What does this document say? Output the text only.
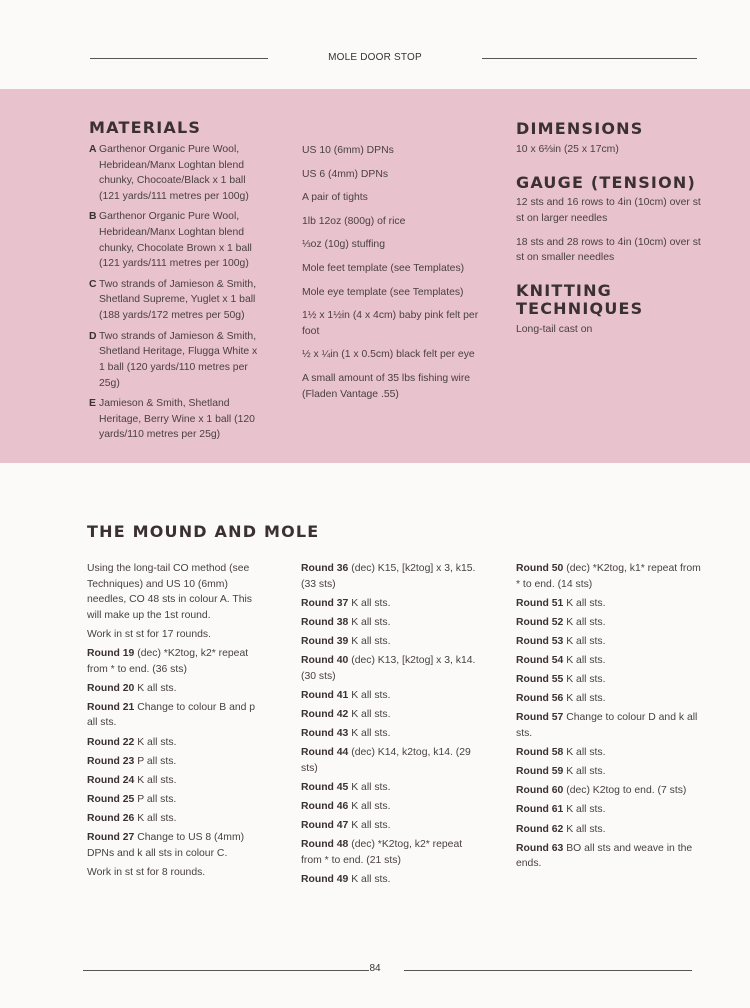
MOLE DOOR STOP
MATERIALS
A Garthenor Organic Pure Wool, Hebridean/Manx Loghtan blend chunky, Chocoate/Black x 1 ball (121 yards/111 metres per 100g)
B Garthenor Organic Pure Wool, Hebridean/Manx Loghtan blend chunky, Chocolate Brown x 1 ball (121 yards/111 metres per 100g)
C Two strands of Jamieson & Smith, Shetland Supreme, Yuglet x 1 ball (188 yards/172 metres per 50g)
D Two strands of Jamieson & Smith, Shetland Heritage, Flugga White x 1 ball (120 yards/110 metres per 25g)
E Jamieson & Smith, Shetland Heritage, Berry Wine x 1 ball (120 yards/110 metres per 25g)

US 10 (6mm) DPNs

US 6 (4mm) DPNs

A pair of tights

1lb 12oz (800g) of rice

⅓oz (10g) stuffing

Mole feet template (see Templates)

Mole eye template (see Templates)

1½ x 1½in (4 x 4cm) baby pink felt per foot

½ x ¼in (1 x 0.5cm) black felt per eye

A small amount of 35 lbs fishing wire (Fladen Vantage .55)

DIMENSIONS

10 x 6⅔in (25 x 17cm)

GAUGE (TENSION)

12 sts and 16 rows to 4in (10cm) over st st on larger needles

18 sts and 28 rows to 4in (10cm) over st st on smaller needles

KNITTING TECHNIQUES

Long-tail cast on

THE MOUND AND MOLE

Using the long-tail CO method (see Techniques) and US 10 (6mm) needles, CO 48 sts in colour A. This will make up the 1st round.

Work in st st for 17 rounds.

Round 19 (dec) *K2tog, k2* repeat from * to end. (36 sts)

Round 20 K all sts.

Round 21 Change to colour B and p all sts.

Round 22 K all sts.

Round 23 P all sts.

Round 24 K all sts.

Round 25 P all sts.

Round 26 K all sts.

Round 27 Change to US 8 (4mm) DPNs and k all sts in colour C.

Work in st st for 8 rounds.

Round 36 (dec) K15, [k2tog] x 3, k15. (33 sts)

Round 37 K all sts.

Round 38 K all sts.

Round 39 K all sts.

Round 40 (dec) K13, [k2tog] x 3, k14. (30 sts)

Round 41 K all sts.

Round 42 K all sts.

Round 43 K all sts.

Round 44 (dec) K14, k2tog, k14. (29 sts)

Round 45 K all sts.

Round 46 K all sts.

Round 47 K all sts.

Round 48 (dec) *K2tog, k2* repeat from * to end. (21 sts)

Round 49 K all sts.

Round 50 (dec) *K2tog, k1* repeat from * to end. (14 sts)

Round 51 K all sts.

Round 52 K all sts.

Round 53 K all sts.

Round 54 K all sts.

Round 55 K all sts.

Round 56 K all sts.

Round 57 Change to colour D and k all sts.

Round 58 K all sts.

Round 59 K all sts.

Round 60 (dec) K2tog to end. (7 sts)

Round 61 K all sts.

Round 62 K all sts.

Round 63 BO all sts and weave in the ends.

84
